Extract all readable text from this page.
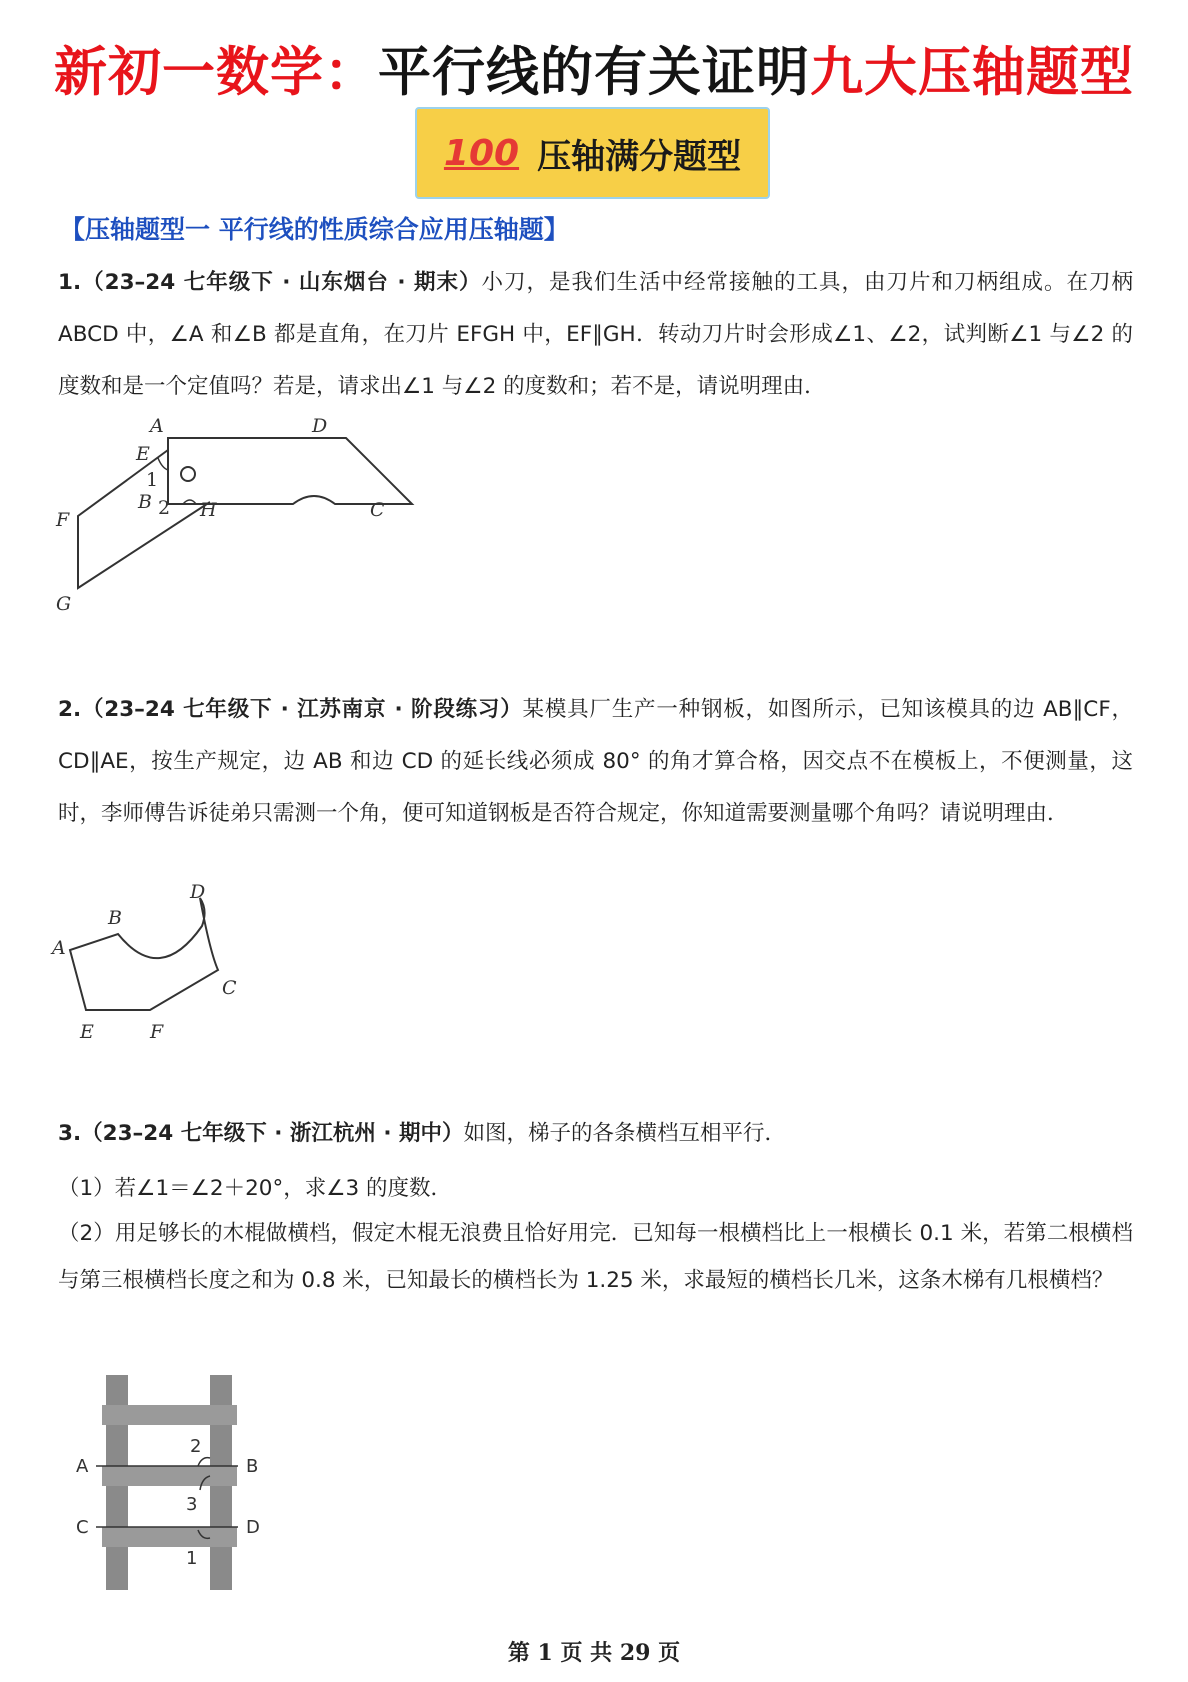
新初一数学：平行线的有关证明九大压轴题型
100 压轴满分题型
【压轴题型一 平行线的性质综合应用压轴题】
1.（23–24 七年级下 · 山东烟台 · 期末）小刀，是我们生活中经常接触的工具，由刀片和刀柄组成。在刀柄 ABCD 中，∠A 和∠B 都是直角，在刀片 EFGH 中，EF∥GH．转动刀片时会形成∠1、∠2，试判断∠1 与∠2 的度数和是一个定值吗？若是，请求出∠1 与∠2 的度数和；若不是，请说明理由．
A	D
E
1
B 2 H	C
F
G
2.（23–24 七年级下 · 江苏南京 · 阶段练习）某模具厂生产一种钢板，如图所示，已知该模具的边 AB∥CF，CD∥AE，按生产规定，边 AB 和边 CD 的延长线必须成 80° 的角才算合格，因交点不在模板上，不便测量，这时，李师傅告诉徒弟只需测一个角，便可知道钢板是否符合规定，你知道需要测量哪个角吗？请说明理由．
D
B
A
C
E	F
3.（23–24 七年级下 · 浙江杭州 · 期中）如图，梯子的各条横档互相平行．
（1）若∠1＝∠2＋20°，求∠3 的度数．
（2）用足够长的木棍做横档，假定木棍无浪费且恰好用完．已知每一根横档比上一根横长 0.1 米，若第二根横档与第三根横档长度之和为 0.8 米，已知最长的横档长为 1.25 米，求最短的横档长几米，这条木梯有几根横档？
2
A	B
3
C	D
1
第 1 页 共 29 页
